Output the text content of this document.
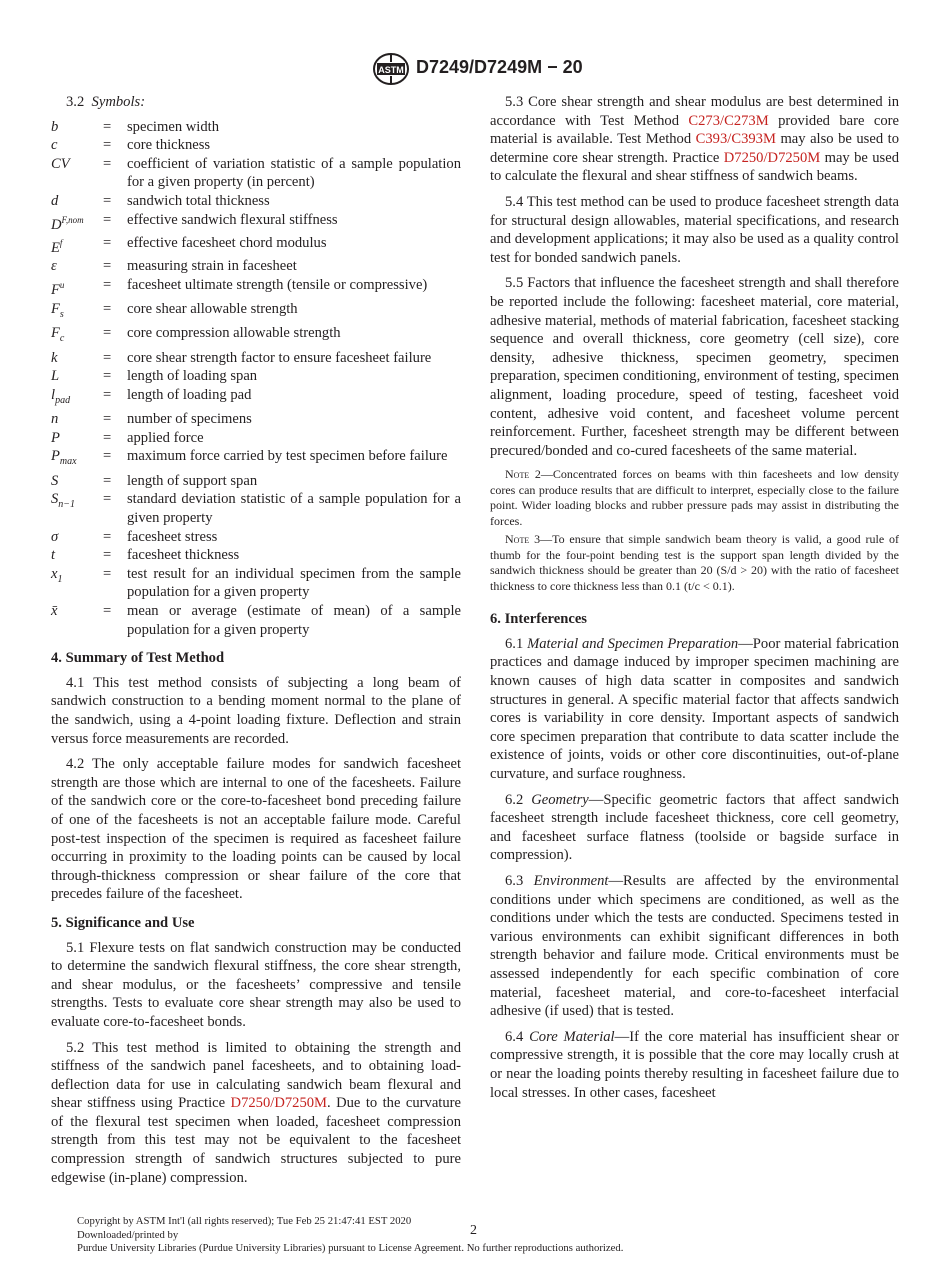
ASTM D7249/D7249M − 20

3.2 Symbols:

b	=	specimen width
c	=	core thickness
CV	=	coefficient of variation statistic of a sample population for a given property (in percent)
d	=	sandwich total thickness
$D^{F,nom}$	=	effective sandwich flexural stiffness
$E^f$	=	effective facesheet chord modulus
ε	=	measuring strain in facesheet
$F^u$	=	facesheet ultimate strength (tensile or compressive)
$F_s$	=	core shear allowable strength
$F_c$	=	core compression allowable strength
k	=	core shear strength factor to ensure facesheet failure
L	=	length of loading span
$l_{pad}$	=	length of loading pad
n	=	number of specimens
P	=	applied force
$P_{max}$	=	maximum force carried by test specimen before failure
S	=	length of support span
$S_{n-1}$	=	standard deviation statistic of a sample population for a given property
σ	=	facesheet stress
t	=	facesheet thickness
$x_1$	=	test result for an individual specimen from the sample population for a given property
x̄	=	mean or average (estimate of mean) of a sample population for a given property
4. Summary of Test Method

4.1 This test method consists of subjecting a long beam of sandwich construction to a bending moment normal to the plane of the sandwich, using a 4-point loading fixture. Deflection and strain versus force measurements are recorded.

4.2 The only acceptable failure modes for sandwich facesheet strength are those which are internal to one of the facesheets. Failure of the sandwich core or the core-to-facesheet bond preceding failure of one of the facesheets is not an acceptable failure mode. Careful post-test inspection of the specimen is required as facesheet failure occurring in proximity to the loading points can be caused by local through-thickness compression or shear failure of the core that precedes failure of the facesheet.

5. Significance and Use

5.1 Flexure tests on flat sandwich construction may be conducted to determine the sandwich flexural stiffness, the core shear strength, and shear modulus, or the facesheets’ compressive and tensile strengths. Tests to evaluate core shear strength may also be used to evaluate core-to-facesheet bonds.

5.2 This test method is limited to obtaining the strength and stiffness of the sandwich panel facesheets, and to obtaining load-deflection data for use in calculating sandwich beam flexural and shear stiffness using Practice D7250/D7250M. Due to the curvature of the flexural test specimen when loaded, facesheet compression strength from this test may not be equivalent to the facesheet compression strength of sandwich structures subjected to pure edgewise (in-plane) compression.

5.3 Core shear strength and shear modulus are best determined in accordance with Test Method C273/C273M provided bare core material is available. Test Method C393/C393M may also be used to determine core shear strength. Practice D7250/D7250M may be used to calculate the flexural and shear stiffness of sandwich beams.

5.4 This test method can be used to produce facesheet strength data for structural design allowables, material specifications, and research and development applications; it may also be used as a quality control test for bonded sandwich panels.

5.5 Factors that influence the facesheet strength and shall therefore be reported include the following: facesheet material, core material, adhesive material, methods of material fabrication, facesheet stacking sequence and overall thickness, core geometry (cell size), core density, adhesive thickness, specimen geometry, specimen preparation, specimen conditioning, environment of testing, specimen alignment, loading procedure, speed of testing, facesheet void content, adhesive void content, and facesheet volume percent reinforcement. Further, facesheet strength may be different between precured/bonded and co-cured facesheets of the same material.

Note 2—Concentrated forces on beams with thin facesheets and low density cores can produce results that are difficult to interpret, especially close to the failure point. Wider loading blocks and rubber pressure pads may assist in distributing the forces.

Note 3—To ensure that simple sandwich beam theory is valid, a good rule of thumb for the four-point bending test is the support span length divided by the sandwich thickness should be greater than 20 (S/d > 20) with the ratio of facesheet thickness to core thickness less than 0.1 (t/c < 0.1).

6. Interferences

6.1 Material and Specimen Preparation—Poor material fabrication practices and damage induced by improper specimen machining are known causes of high data scatter in composites and sandwich structures in general. A specific material factor that affects sandwich cores is variability in core density. Important aspects of sandwich core specimen preparation that contribute to data scatter include the existence of joints, voids or other core discontinuities, out-of-plane curvature, and surface roughness.

6.2 Geometry—Specific geometric factors that affect sandwich facesheet strength include facesheet thickness, core cell geometry, and facesheet surface flatness (toolside or bagside surface in compression).

6.3 Environment—Results are affected by the environmental conditions under which specimens are conditioned, as well as the conditions under which the tests are conducted. Specimens tested in various environments can exhibit significant differences in both strength behavior and failure mode. Critical environments must be assessed independently for each specific combination of core material, facesheet material, and core-to-facesheet interfacial adhesive (if used) that is tested.

6.4 Core Material—If the core material has insufficient shear or compressive strength, it is possible that the core may locally crush at or near the loading points thereby resulting in facesheet failure due to local stresses. In other cases, facesheet

2
Copyright by ASTM Int'l (all rights reserved); Tue Feb 25 21:47:41 EST 2020
Downloaded/printed by
Purdue University Libraries (Purdue University Libraries) pursuant to License Agreement. No further reproductions authorized.
